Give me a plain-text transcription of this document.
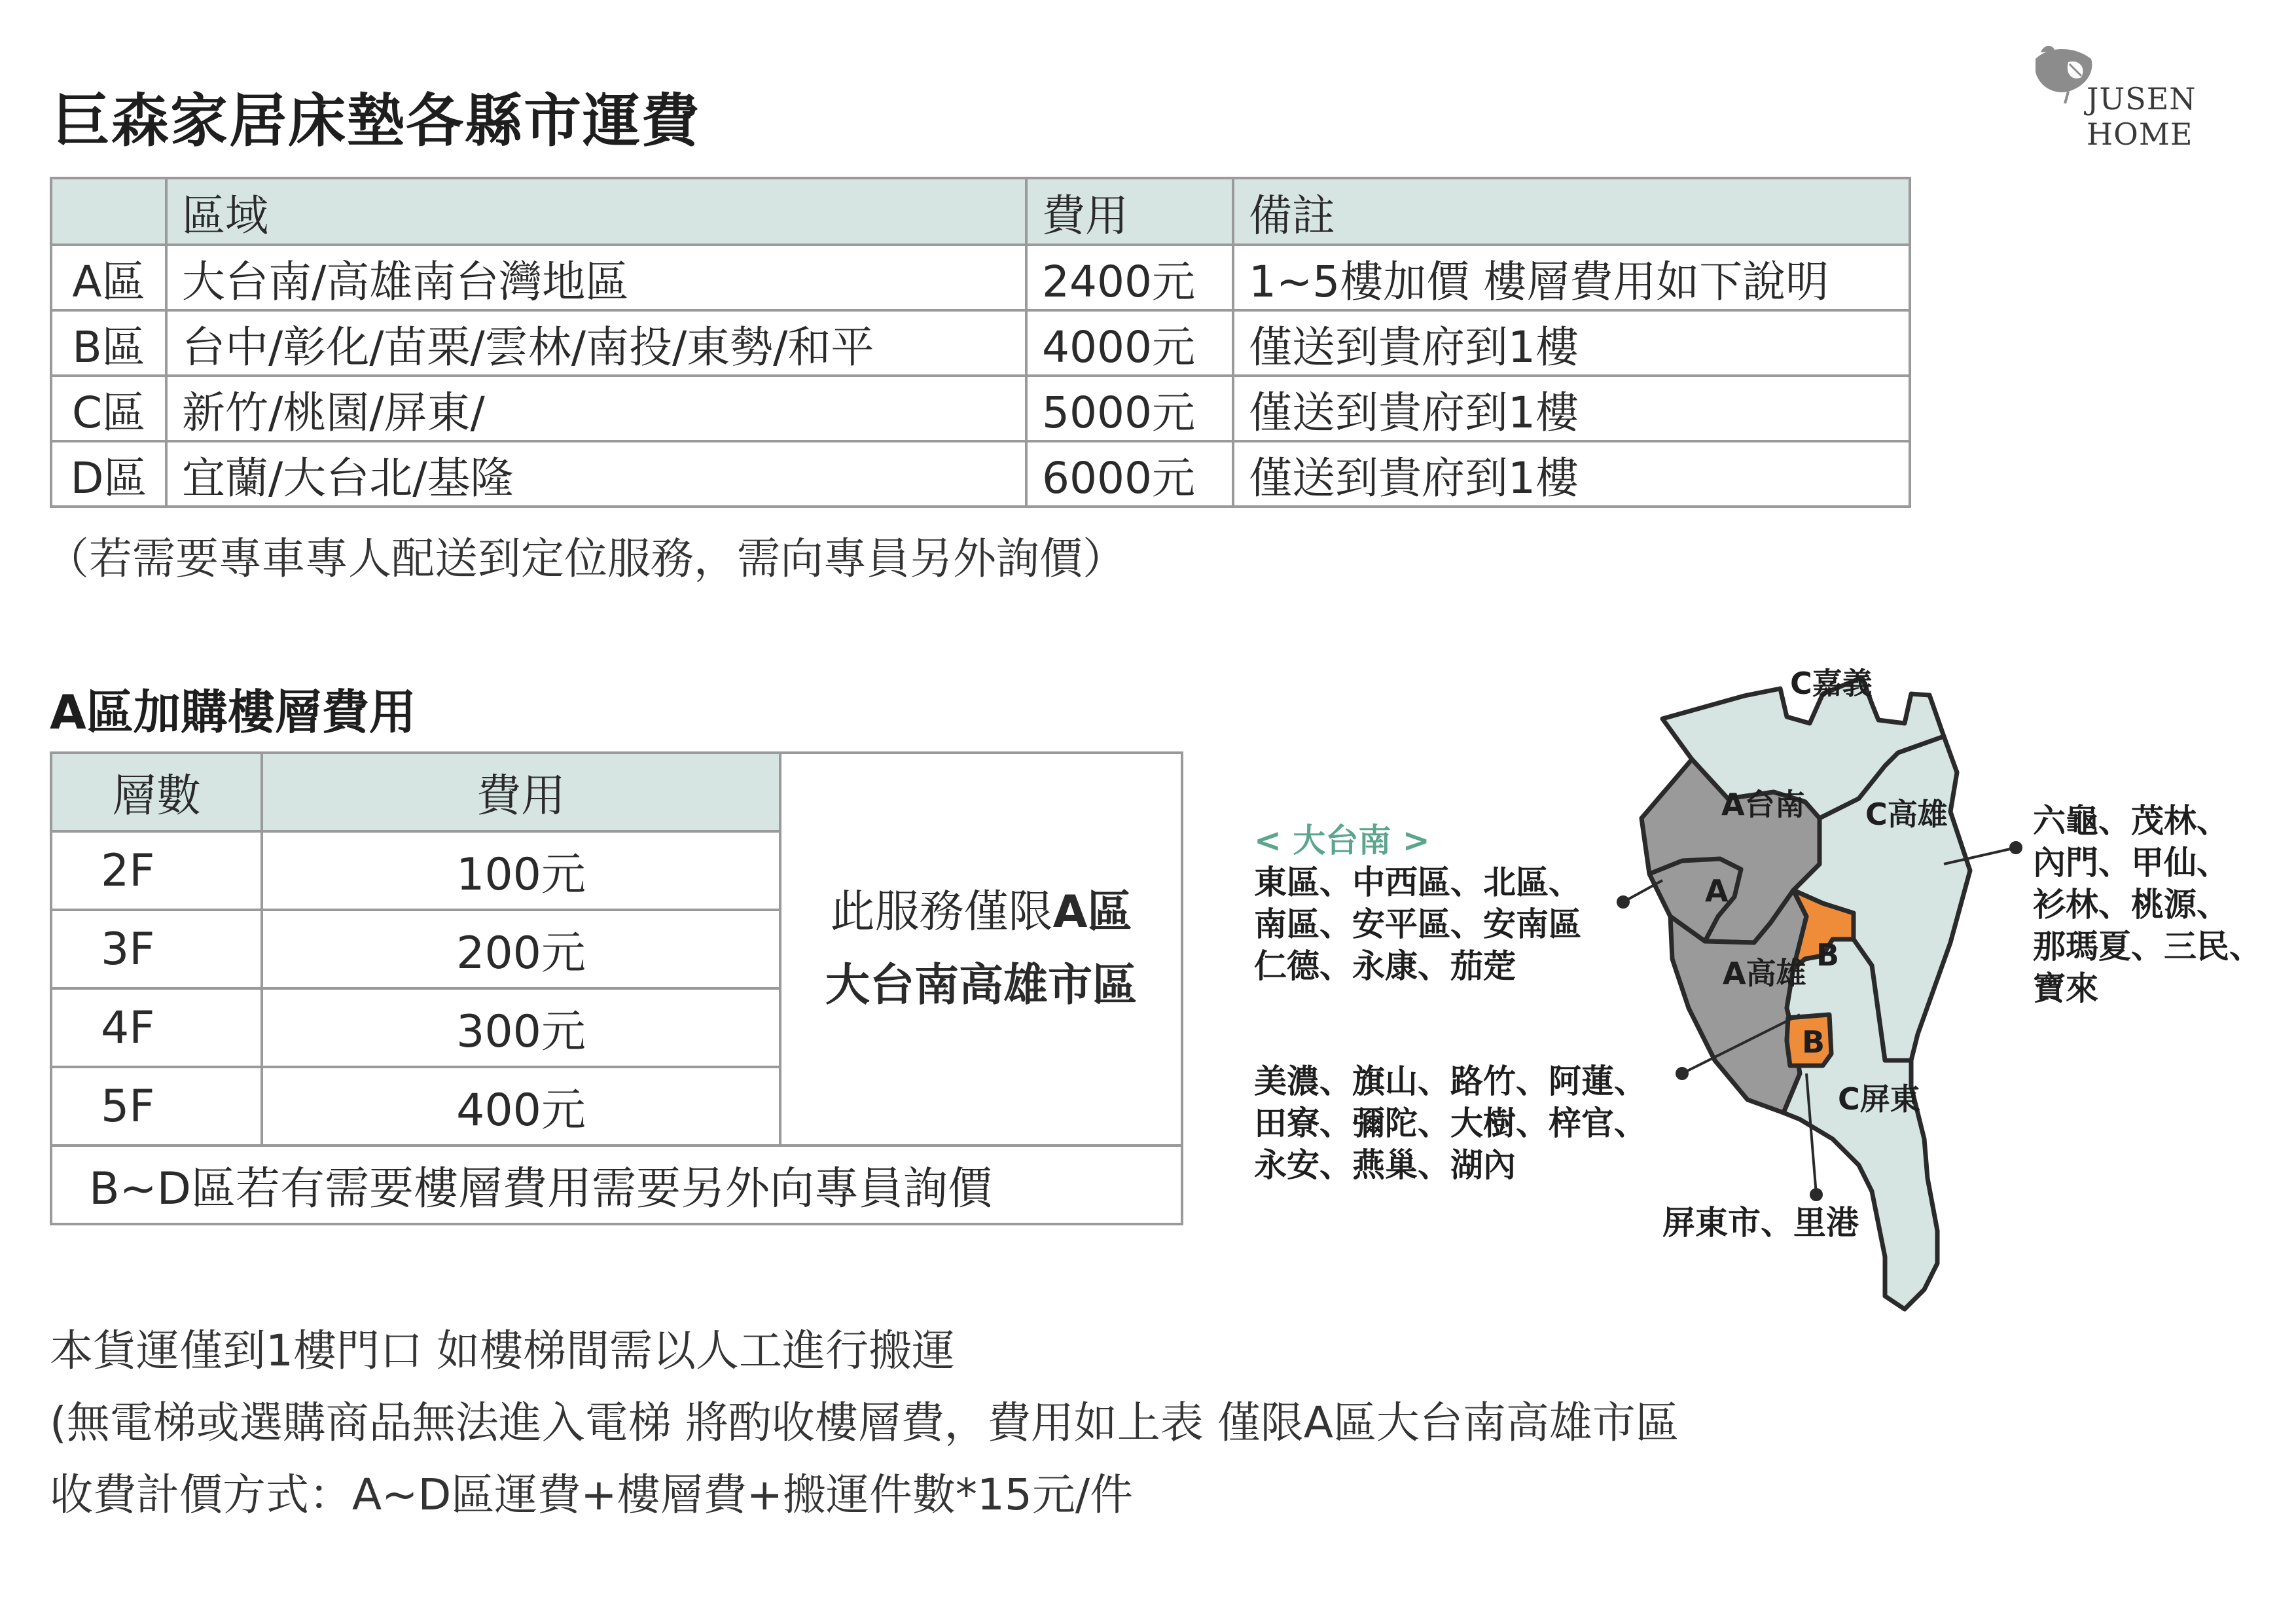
巨森家居床墊各縣市運費	JUSEN HOME
	區域	費用	備註
A區	大台南/高雄南台灣地區	2400元	1~5樓加價 樓層費用如下說明
B區	台中/彰化/苗栗/雲林/南投/東勢/和平	4000元	僅送到貴府到1樓
C區	新竹/桃園/屏東/	5000元	僅送到貴府到1樓
D區	宜蘭/大台北/基隆	6000元	僅送到貴府到1樓
（若需要專車專人配送到定位服務，需向專員另外詢價）
A區加購樓層費用
層數	費用	此服務僅限A區
大台南高雄市區
2F	100元	
3F	200元	
4F	300元	
5F	400元	
B~D區若有需要樓層費用需要另外向專員詢價		
本貨運僅到1樓門口 如樓梯間需以人工進行搬運
(無電梯或選購商品無法進入電梯 將酌收樓層費，費用如上表 僅限A區大台南高雄市區
收費計價方式：A~D區運費+樓層費+搬運件數*15元/件
C嘉義
A台南
A
A高雄
C高雄
B
B
C屏東
< 大台南 >
東區、中西區、北區、
南區、安平區、安南區
仁德、永康、茄萣
美濃、旗山、路竹、阿蓮、
田寮、彌陀、大樹、梓官、
永安、燕巢、湖內
六龜、茂林、
內門、甲仙、
衫林、桃源、
那瑪夏、三民、
寶來
屏東市、里港
